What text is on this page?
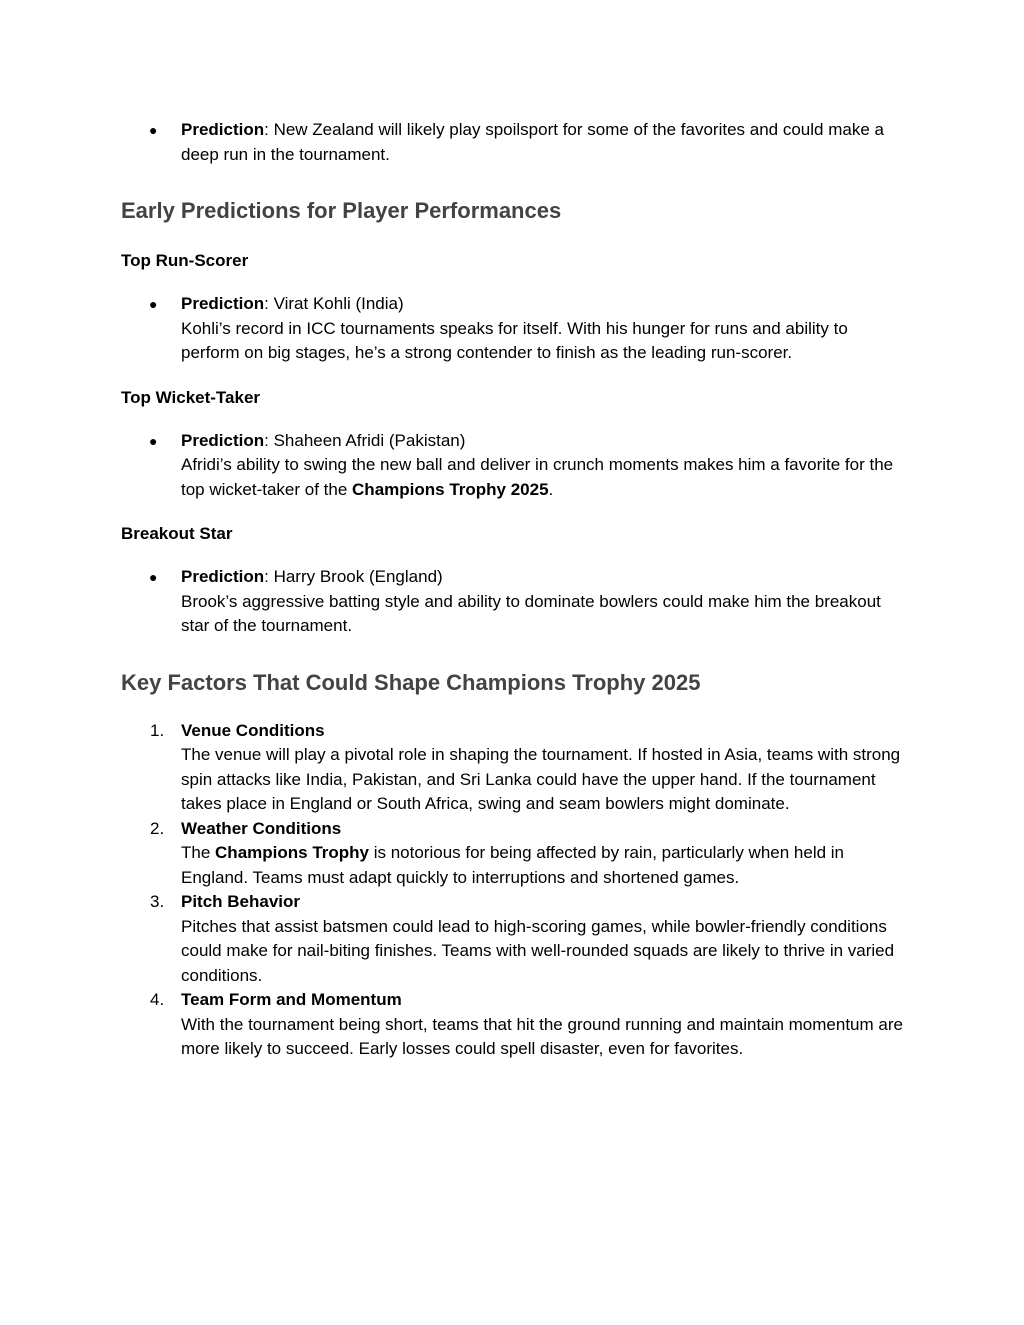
● Prediction: New Zealand will likely play spoilsport for some of the favorites and could make a deep run in the tournament.
Early Predictions for Player Performances
Top Run-Scorer
● Prediction: Virat Kohli (India)
Kohli’s record in ICC tournaments speaks for itself. With his hunger for runs and ability to perform on big stages, he’s a strong contender to finish as the leading run-scorer.
Top Wicket-Taker
● Prediction: Shaheen Afridi (Pakistan)
Afridi’s ability to swing the new ball and deliver in crunch moments makes him a favorite for the top wicket-taker of the Champions Trophy 2025.
Breakout Star
● Prediction: Harry Brook (England)
Brook’s aggressive batting style and ability to dominate bowlers could make him the breakout star of the tournament.
Key Factors That Could Shape Champions Trophy 2025
1. Venue Conditions
The venue will play a pivotal role in shaping the tournament. If hosted in Asia, teams with strong spin attacks like India, Pakistan, and Sri Lanka could have the upper hand. If the tournament takes place in England or South Africa, swing and seam bowlers might dominate.
2. Weather Conditions
The Champions Trophy is notorious for being affected by rain, particularly when held in England. Teams must adapt quickly to interruptions and shortened games.
3. Pitch Behavior
Pitches that assist batsmen could lead to high-scoring games, while bowler-friendly conditions could make for nail-biting finishes. Teams with well-rounded squads are likely to thrive in varied conditions.
4. Team Form and Momentum
With the tournament being short, teams that hit the ground running and maintain momentum are more likely to succeed. Early losses could spell disaster, even for favorites.
